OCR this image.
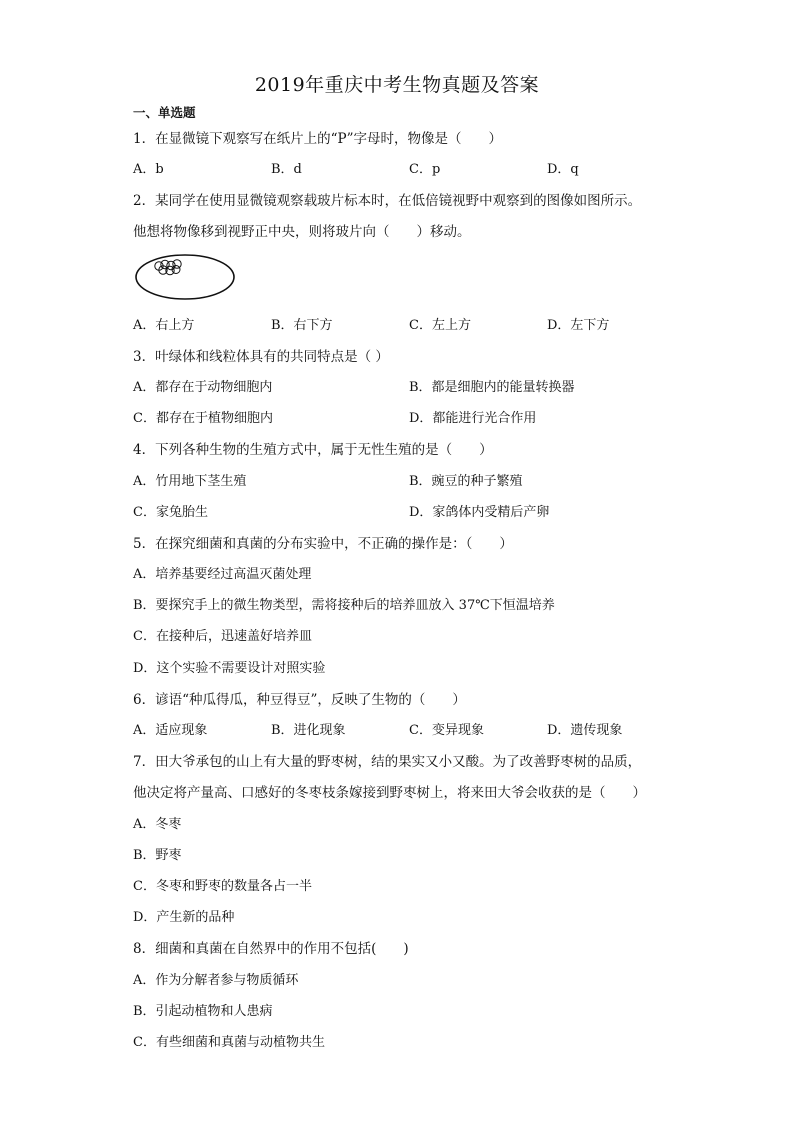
2019年重庆中考生物真题及答案
一、单选题
1．在显微镜下观察写在纸片上的“P”字母时，物像是（　　）
A．b	B．d	C．p	D．q
2．某同学在使用显微镜观察载玻片标本时，在低倍镜视野中观察到的图像如图所示。
他想将物像移到视野正中央，则将玻片向（　　）移动。
A．右上方	B．右下方	C．左上方	D．左下方
3．叶绿体和线粒体具有的共同特点是（ ）
A．都存在于动物细胞内	B．都是细胞内的能量转换器
C．都存在于植物细胞内	D．都能进行光合作用
4．下列各种生物的生殖方式中，属于无性生殖的是（　　）
A．竹用地下茎生殖	B．豌豆的种子繁殖
C．家兔胎生	D．家鸽体内受精后产卵
5．在探究细菌和真菌的分布实验中，不正确的操作是：（　　）
A．培养基要经过高温灭菌处理
B．要探究手上的微生物类型，需将接种后的培养皿放入 37℃下恒温培养
C．在接种后，迅速盖好培养皿
D．这个实验不需要设计对照实验
6．谚语“种瓜得瓜，种豆得豆”，反映了生物的（　　）
A．适应现象	B．进化现象	C．变异现象	D．遗传现象
7．田大爷承包的山上有大量的野枣树，结的果实又小又酸。为了改善野枣树的品质，
他决定将产量高、口感好的冬枣枝条嫁接到野枣树上，将来田大爷会收获的是（　　）
A．冬枣
B．野枣
C．冬枣和野枣的数量各占一半
D．产生新的品种
8．细菌和真菌在自然界中的作用不包括(　　)
A．作为分解者参与物质循环
B．引起动植物和人患病
C．有些细菌和真菌与动植物共生
